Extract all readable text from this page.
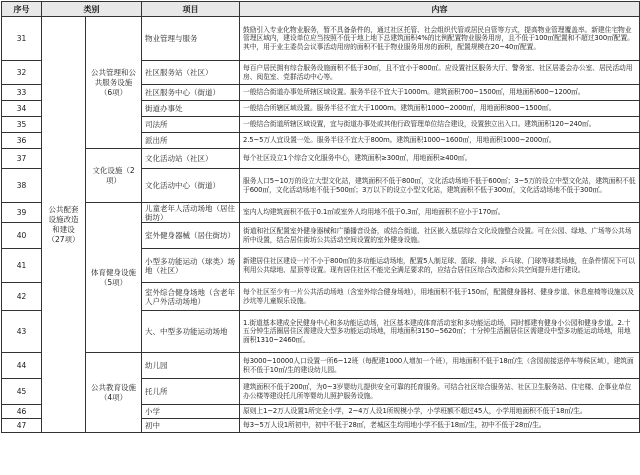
序号	类别		项目	内容
31	公共配套设施改造和建设（27项）	公共管理和公共服务设施（6项）	物业管理与服务	鼓励引入专业化物业服务，暂不具备条件的，通过社区托管、社会组织代管或居民自管等方式，提高物业管理覆盖率。新建住宅物业管理区域内，建设单位应当按照不低于地上地下总建筑面积4%的比例配置物业服务用房，且不低于100㎡配置和不超过300㎡配置。其中，用于业主委员会议事活动用房的面积不低于物业服务用房的面积，配置规模在20~40㎡配置。
32			社区服务站（社区）	每百户居民拥有综合服务设施面积不低于30㎡，且不宜小于800㎡。应设置社区服务大厅、警务室、社区居委会办公室、居民活动用房、阅览室、党群活动中心等。
33			社区服务中心（街道）	一般结合街道办事处所辖区域设置。服务半径不宜大于1000m。建筑面积700~1500㎡，用地面积600~1200㎡。
34			街道办事处	一般结合所辖区域设置。服务半径不宜大于1000m。建筑面积1000~2000㎡，用地面积800~1500㎡。
35			司法所	一般结合街道所辖区域设置，宜与街道办事处或其他行政管理单位结合建设，设置独立出入口。建筑面积120~240㎡。
36			派出所	2.5~5万人宜设置一处。服务半径不宜大于800m。建筑面积1000~1600㎡，用地面积1000~2000㎡。
37		文化设施（2项）	文化活动站（社区）	每个社区设立1个综合文化服务中心，建筑面积≥300㎡，用地面积≥400㎡。
38			文化活动中心（街道）	服务人口5~10万的设立大型文化站，建筑面积不低于800㎡，文化活动场地不低于600㎡；3~5万的设立中型文化站，建筑面积不低于600㎡，文化活动场地不低于500㎡；3万以下的设立小型文化站，建筑面积不低于300㎡，文化活动场地不低于300㎡。
39		体育健身设施（5项）	儿童老年人活动场地（居住街坊）	室内人均建筑面积不低于0.1㎡或室外人均用地不低于0.3㎡，用地面积不应小于170㎡。
40			室外健身器械（居住街坊）	街道和社区配置室外健身器械和广播播音设备，或结合街道、社区嵌入基层综合文化设施整合设置。可在公园、绿地、广场等公共场所中设置，结合居住街坊公共活动空间设置的室外健身设施。
41			小型多功能运动（球类）场地（社区）	新建居住社区建设一片不小于800㎡的多功能运动场地，配置5人制足球、篮球、排球、乒乓球、门球等球类场地，在条件情况下可以利用公共绿地、屋顶等设置。现有居住社区不能完全满足要求的，应结合居住区综合改造和公共空间提升进行建设。
42			室外综合健身场地（含老年人户外活动场地）	每个社区至少有一片公共活动场地（含室外综合健身场地），用地面积不低于150㎡，配置健身器材、健身步道、休息座椅等设施以及沙坑等儿童娱乐设施。
43			大、中型多功能运动场地	1.街道基本建成全民健身中心和多功能运动场，社区基本建成体育活动室和多功能运动场，同时都建有健身小公园和健身步道。2.十五分钟生活圈居住区需建设大型多功能运动场地，用地面积3150~5620㎡；十分钟生活圈居住区需建设中型多功能运动场地，用地面积1310~2460㎡。
44		公共教育设施（4项）	幼儿园	每3000~10000人口设置一所6~12班（每配建1000人增加一个班），用地面积不低于18㎡/生（含园前接送停车等候区域），建筑面积不低于10㎡/生的建设幼儿园。
45			托儿所	建筑面积不低于200㎡，为0~3岁婴幼儿提供安全可靠的托育服务。可结合社区综合服务站、社区卫生服务站、住宅楼、企事业单位办公楼等建设托儿所等婴幼儿照护服务设施。
46			小学	原则上1~2万人设置1所完全小学，2~4万人设1所规模小学，小学班额不超过45人，小学用地面积不低于18㎡/生。
47			初中	每3~5万人设1所初中，初中不低于28㎡，老城区生均用地小学不低于18㎡/生，初中不低于28㎡/生。
